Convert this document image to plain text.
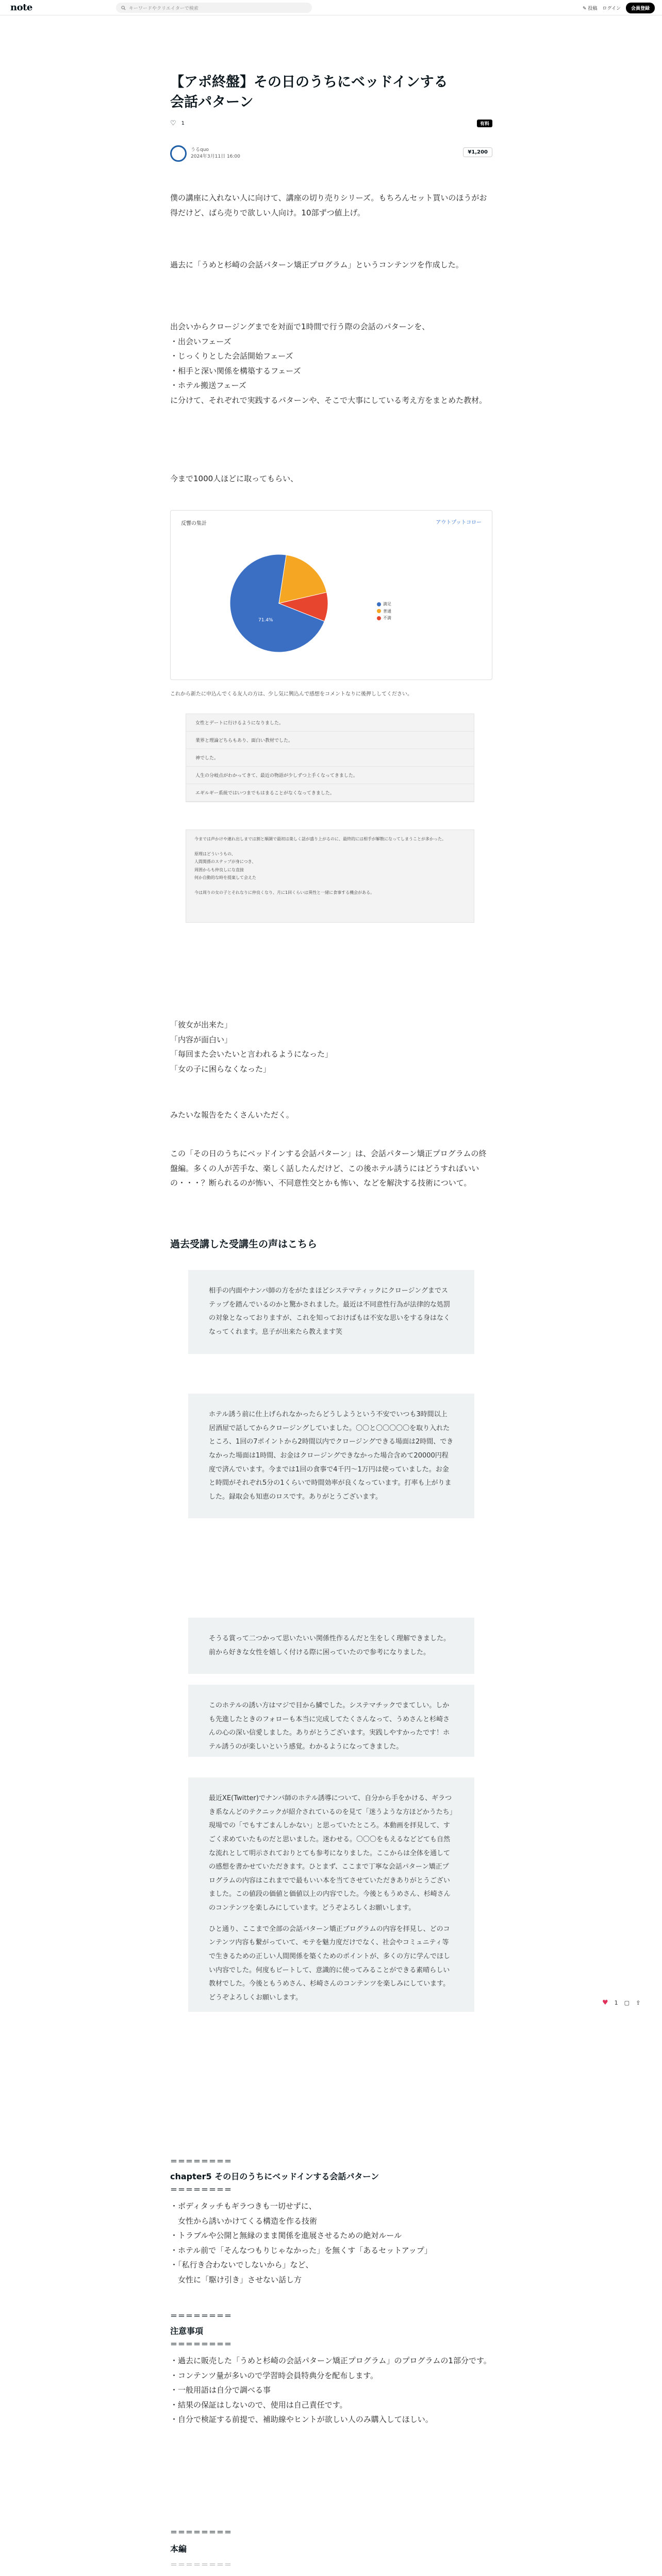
note	キーワードやクリエイターで検索	✎ 投稿 ログイン	会員登録
【アポ終盤】その日のうちにベッドインする
会話パターン
♡ 1	有料
うるquo
2024年3月11日 16:00
¥1,200

僕の講座に入れない人に向けて、講座の切り売りシリーズ。もちろんセット買いのほうがお得だけど、ばら売りで欲しい人向け。10部ずつ値上げ。

過去に「うめと杉崎の会話パターン矯正プログラム」というコンテンツを作成した。

出会いからクロージングまでを対面で1時間で行う際の会話のパターンを、

・出会いフェーズ

・じっくりとした会話開始フェーズ

・相手と深い関係を構築するフェーズ

・ホテル搬送フェーズ

に分けて、それぞれで実践するパターンや、そこで大事にしている考え方をまとめた教材。

今まで1000人ほどに取ってもらい、

反響の集計	アウトプットコロー
71.4%
満足
普通
不満

これから新たに申込んでくる友人の方は、少し気に興込んで感想をコメントなりに後押ししてください。

女性とデートに行けるようになりました。
業界と理論どちらもあり、面白い教材でした。
神でした。
人生の分岐点がわかってきて、最近の物語が少しずつ上手くなってきました。
エギルギー系統ではいつまでもはまることがなくなってきました。
今までは声かけや連れ出しまでは割と順調で最初は楽しく話が盛り上がるのに、最終的には相手が解散になってしまうことが多かった。
原理はどういうもの、
人間関係のステップが身につき、
周囲からも仲良しにな直接
何か自動的な時を提案して会えた
今は周りの女の子とそれなりに仲良くなり、月に1回くらいは異性と一緒に食事する機会がある。

「彼女が出来た」

「内容が面白い」

「毎回また会いたいと言われるようになった」

「女の子に困らなくなった」

みたいな報告をたくさんいただく。

この「その日のうちにベッドインする会話パターン」は、会話パターン矯正プログラムの終盤編。多くの人が苦手な、楽しく話したんだけど、この後ホテル誘うにはどうすればいいの・・・？断られるのが怖い、不同意性交とかも怖い、などを解決する技術について。

過去受講した受講生の声はこちら
相手の内面やナンパ師の方をがたまほどシステマティックにクロージングまでステップを踏んでいるのかと驚かされました。最近は不同意性行為が法律的な処罰の対象となっておりますが、これを知っておけばもは不安な思いをする身はなくなってくれます。息子が出来たら教えます笑
ホテル誘う前に仕上げられなかったらどうしようという不安でいつも3時間以上居酒屋で話してからクロージングしていました。〇〇と〇〇〇〇〇を取り入れたところ、1回の7ポイントから2時間以内でクロージングできる場面は2時間、できなかった場面は1時間、お金はクロージングできなかった場合含めて20000円程度で済んでいます。今までは1回の食事で4千円〜1万円は使っていました。お金と時間がそれぞれ5分の1くらいで時間効率が良くなっています。打率も上がりました。録取会も知恵のロスです。ありがとうございます。
そうる賞って二つかって思いたいい関係性作るんだと生をしく理解できました。前から好きな女性を嬉しく付ける際に困っていたので参考になりました。
このホテルの誘い方はマジで目から鱗でした。システマチックでまてしい。しかも先進したときのフォローも本当に完成してたくさんなって、うめさんと杉崎さんの心の深い信愛しました。ありがとうございます。実践しやすかったです！ホテル誘うのが楽しいという感覚。わかるようになってきました。
最近XE(Twitter)でナンパ師のホテル誘導について、自分から手をかける、ギラつき系なんどのテクニックが紹介されているのを見て「迷うような方ほどかうたち」現場での「でもすごまんしかない」と思っていたところ。本動画を拝見して、すごく求めていたものだと思いました。迷わせる。〇〇〇をもえるなどどても自然な流れとして明示されておりとても参考になりました。ここからは全体を通しての感想を書かせていただきます。ひとまず、ここまで丁寧な会話パターン矯正プログラムの内容はこれまでで最もいい本を当てさせていただきありがとうございました。この値段の価値と価値以上の内容でした。今後ともうめさん、杉崎さんのコンテンツを楽しみにしています。どうぞよろしくお願いします。
ひと通り、ここまで全部の会話パターン矯正プログラムの内容を拝見し、どのコンテンツ内容も繋がっていて、モテを魅力度だけでなく、社会やコミュニティ等で生きるための正しい人間関係を築くためのポイントが、多くの方に学んでほしい内容でした。何度もビートして、意識的に使ってみることができる素晴らしい教材でした。今後ともうめさん、杉崎さんのコンテンツを楽しみにしています。どうぞよろしくお願いします。
＝＝＝＝＝＝＝＝
chapter5 その日のうちにベッドインする会話パターン
＝＝＝＝＝＝＝＝

・ボディタッチもギラつきも一切せずに、

　女性から誘いかけてくる構造を作る技術

・トラブルや公開と無縁のまま関係を進展させるための絶対ルール

・ホテル前で「そんなつもりじゃなかった」を無くす「あるセットアップ」

・「私行き合わないでしないから」など、

　女性に「駆け引き」させない話し方

＝＝＝＝＝＝＝＝
注意事項
＝＝＝＝＝＝＝＝

・過去に販売した「うめと杉崎の会話パターン矯正プログラム」のプログラムの1部分です。

・コンテンツ量が多いので学習時会員特典分を配布します。

・一般用語は自分で調べる事

・結果の保証はしないので、使用は自己責任です。

・自分で検証する前提で、補助線やヒントが欲しい人のみ購入してほしい。

＝＝＝＝＝＝＝＝
本編
＝＝＝＝＝＝＝＝
♥ 1 ▢ ⇪
